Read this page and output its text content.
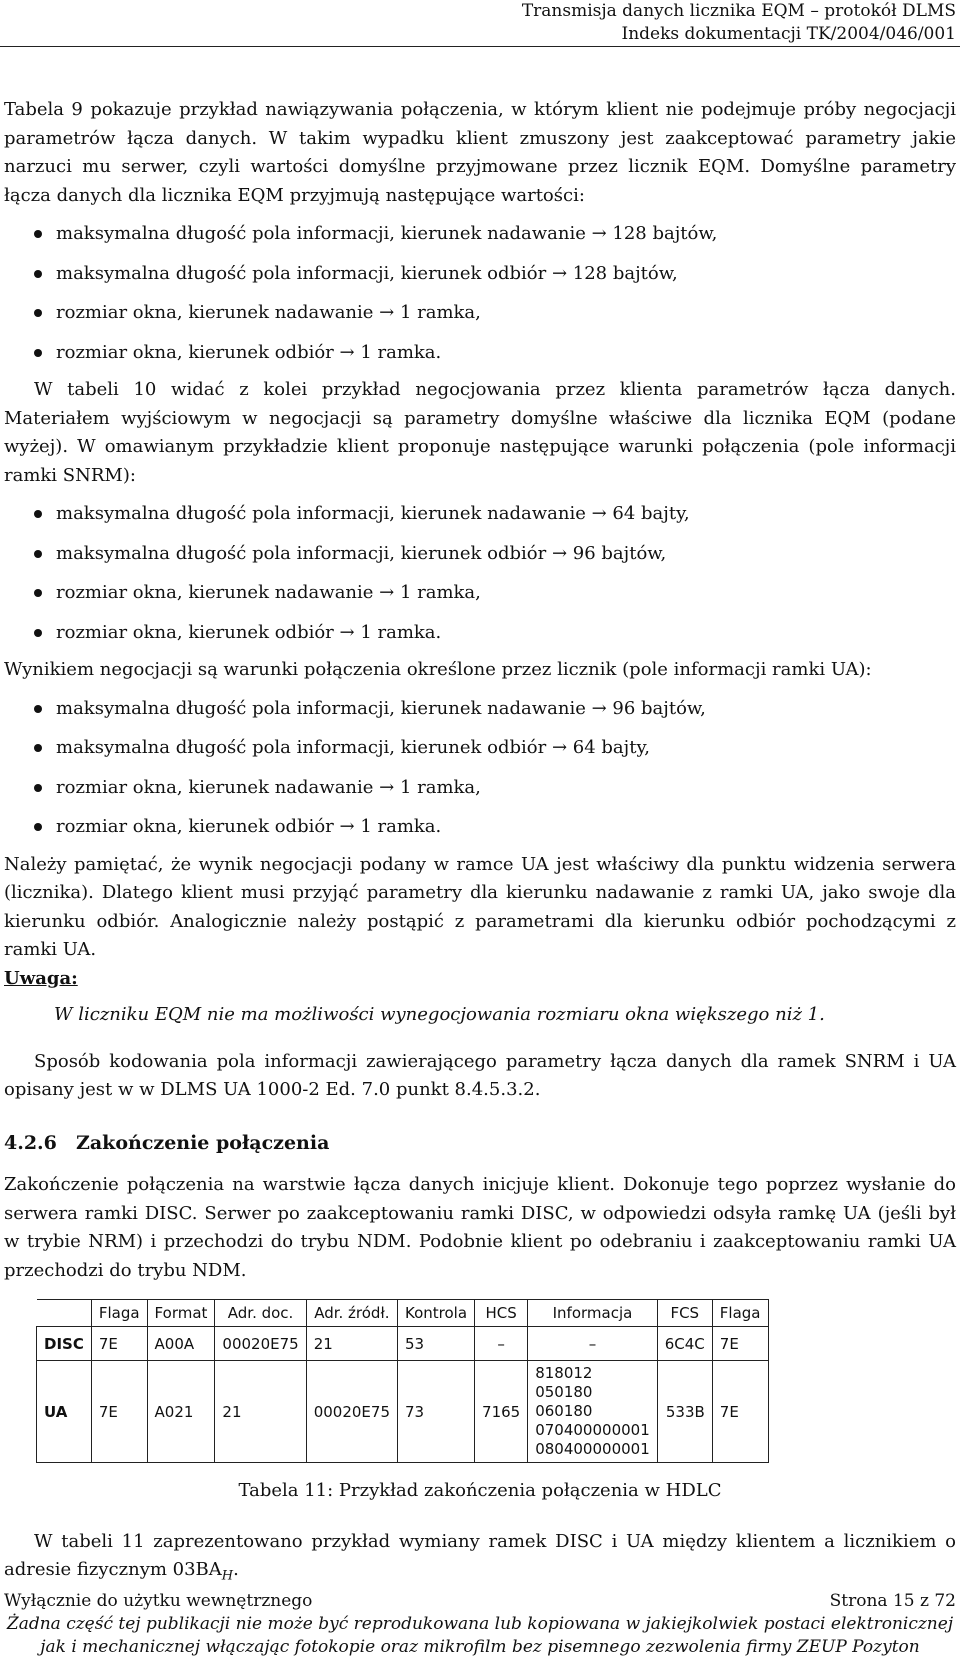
Transmisja danych licznika EQM – protokół DLMS
Indeks dokumentacji TK/2004/046/001

Tabela 9 pokazuje przykład nawiązywania połączenia, w którym klient nie podejmuje próby negocjacji parametrów łącza danych. W takim wypadku klient zmuszony jest zaakceptować parametry jakie narzuci mu serwer, czyli wartości domyślne przyjmowane przez licznik EQM. Domyślne parametry łącza danych dla licznika EQM przyjmują następujące wartości:

maksymalna długość pola informacji, kierunek nadawanie → 128 bajtów,
maksymalna długość pola informacji, kierunek odbiór → 128 bajtów,
rozmiar okna, kierunek nadawanie → 1 ramka,
rozmiar okna, kierunek odbiór → 1 ramka.

W tabeli 10 widać z kolei przykład negocjowania przez klienta parametrów łącza danych. Materiałem wyjściowym w negocjacji są parametry domyślne właściwe dla licznika EQM (podane wyżej). W omawianym przykładzie klient proponuje następujące warunki połączenia (pole informacji ramki SNRM):

maksymalna długość pola informacji, kierunek nadawanie → 64 bajty,
maksymalna długość pola informacji, kierunek odbiór → 96 bajtów,
rozmiar okna, kierunek nadawanie → 1 ramka,
rozmiar okna, kierunek odbiór → 1 ramka.

Wynikiem negocjacji są warunki połączenia określone przez licznik (pole informacji ramki UA):

maksymalna długość pola informacji, kierunek nadawanie → 96 bajtów,
maksymalna długość pola informacji, kierunek odbiór → 64 bajty,
rozmiar okna, kierunek nadawanie → 1 ramka,
rozmiar okna, kierunek odbiór → 1 ramka.

Należy pamiętać, że wynik negocjacji podany w ramce UA jest właściwy dla punktu widzenia serwera (licznika). Dlatego klient musi przyjąć parametry dla kierunku nadawanie z ramki UA, jako swoje dla kierunku odbiór. Analogicznie należy postąpić z parametrami dla kierunku odbiór pochodzącymi z ramki UA.

Uwaga:
W liczniku EQM nie ma możliwości wynegocjowania rozmiaru okna większego niż 1.

Sposób kodowania pola informacji zawierającego parametry łącza danych dla ramek SNRM i UA opisany jest w w DLMS UA 1000-2 Ed. 7.0 punkt 8.4.5.3.2.

4.2.6 Zakończenie połączenia

Zakończenie połączenia na warstwie łącza danych inicjuje klient. Dokonuje tego poprzez wysłanie do serwera ramki DISC. Serwer po zaakceptowaniu ramki DISC, w odpowiedzi odsyła ramkę UA (jeśli był w trybie NRM) i przechodzi do trybu NDM. Podobnie klient po odebraniu i zaakceptowaniu ramki UA przechodzi do trybu NDM.

	Flaga	Format	Adr. doc.	Adr. źródł.	Kontrola	HCS	Informacja	FCS	Flaga
DISC	7E	A00A	00020E75	21	53	–	–	6C4C	7E
UA	7E	A021	21	00020E75	73	7165	818012
050180
060180
070400000001
080400000001	533B	7E
Tabela 11: Przykład zakończenia połączenia w HDLC

W tabeli 11 zaprezentowano przykład wymiany ramek DISC i UA między klientem a licznikiem o adresie fizycznym $03BA_H$.

Wyłącznie do użytku wewnętrznego	Strona 15 z 72
Żadna część tej publikacji nie może być reprodukowana lub kopiowana w jakiejkolwiek postaci elektronicznej
jak i mechanicznej włączając fotokopie oraz mikrofilm bez pisemnego zezwolenia firmy ZEUP Pozyton
